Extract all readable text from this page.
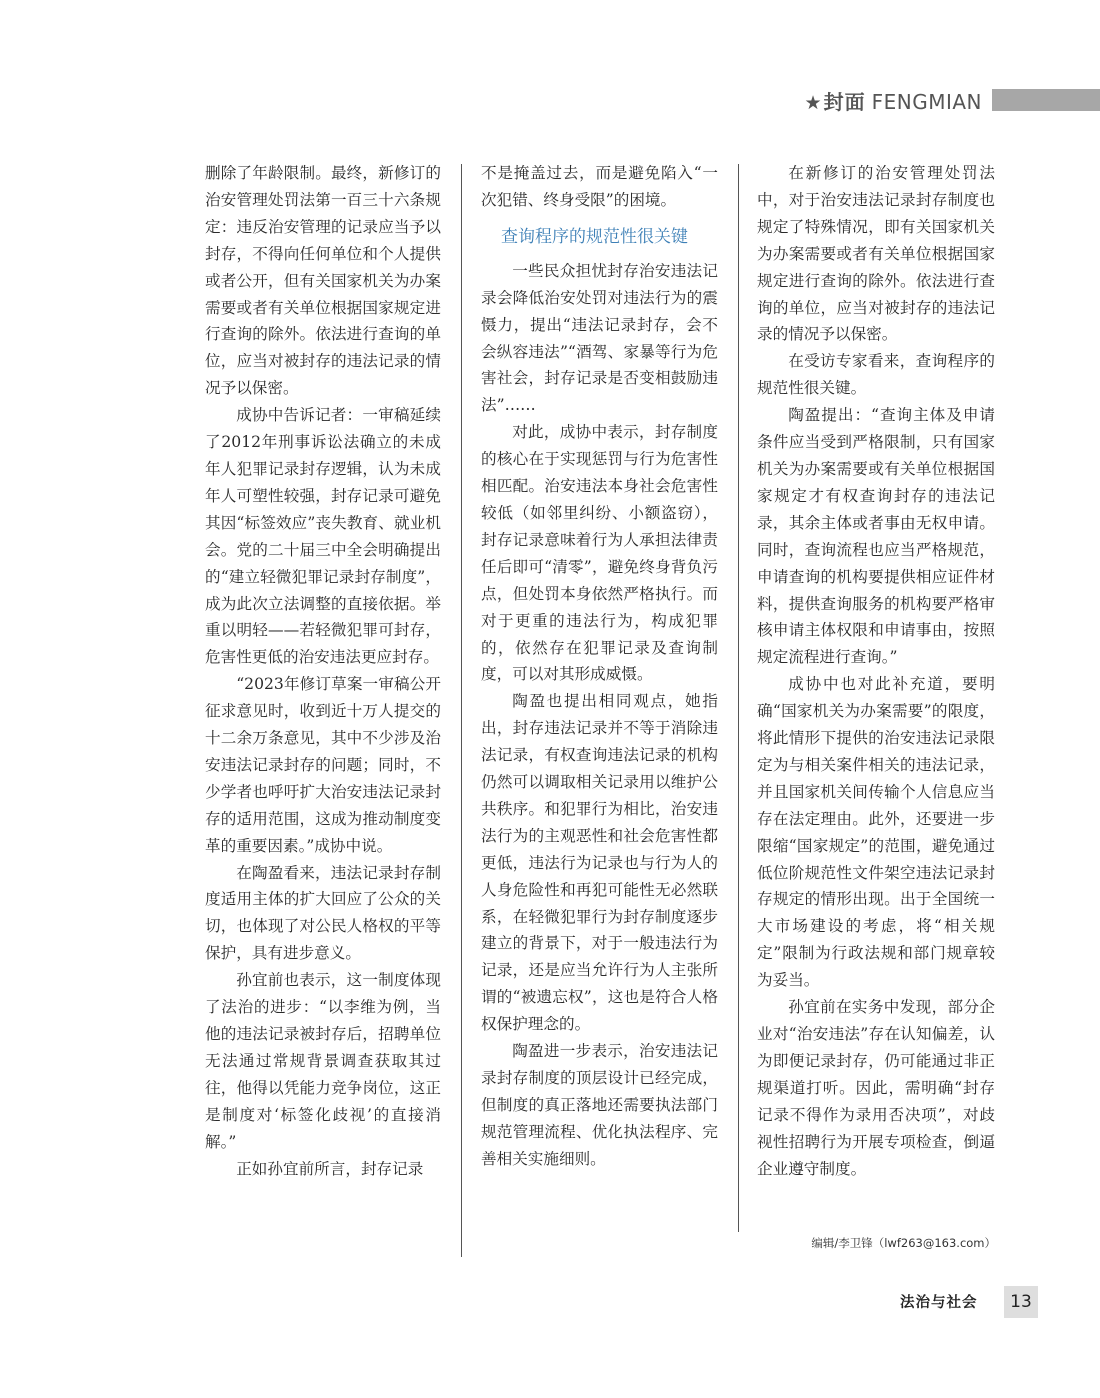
★ 封面 FENGMIAN

删除了年龄限制。最终，新修订的治安管理处罚法第一百三十六条规定：违反治安管理的记录应当予以封存，不得向任何单位和个人提供或者公开，但有关国家机关为办案需要或者有关单位根据国家规定进行查询的除外。依法进行查询的单位，应当对被封存的违法记录的情况予以保密。

成协中告诉记者：一审稿延续了2012年刑事诉讼法确立的未成年人犯罪记录封存逻辑，认为未成年人可塑性较强，封存记录可避免其因“标签效应”丧失教育、就业机会。党的二十届三中全会明确提出的“建立轻微犯罪记录封存制度”，成为此次立法调整的直接依据。举重以明轻——若轻微犯罪可封存，危害性更低的治安违法更应封存。

“2023年修订草案一审稿公开征求意见时，收到近十万人提交的十二余万条意见，其中不少涉及治安违法记录封存的问题；同时，不少学者也呼吁扩大治安违法记录封存的适用范围，这成为推动制度变革的重要因素。”成协中说。

在陶盈看来，违法记录封存制度适用主体的扩大回应了公众的关切，也体现了对公民人格权的平等保护，具有进步意义。

孙宜前也表示，这一制度体现了法治的进步：“以李维为例，当他的违法记录被封存后，招聘单位无法通过常规背景调查获取其过往，他得以凭能力竞争岗位，这正是制度对‘标签化歧视’的直接消解。”

正如孙宜前所言，封存记录

不是掩盖过去，而是避免陷入“一次犯错、终身受限”的困境。

查询程序的规范性很关键

一些民众担忧封存治安违法记录会降低治安处罚对违法行为的震慑力，提出“违法记录封存，会不会纵容违法”“酒驾、家暴等行为危害社会，封存记录是否变相鼓励违法”……

对此，成协中表示，封存制度的核心在于实现惩罚与行为危害性相匹配。治安违法本身社会危害性较低（如邻里纠纷、小额盗窃），封存记录意味着行为人承担法律责任后即可“清零”，避免终身背负污点，但处罚本身依然严格执行。而对于更重的违法行为，构成犯罪的，依然存在犯罪记录及查询制度，可以对其形成威慑。

陶盈也提出相同观点，她指出，封存违法记录并不等于消除违法记录，有权查询违法记录的机构仍然可以调取相关记录用以维护公共秩序。和犯罪行为相比，治安违法行为的主观恶性和社会危害性都更低，违法行为记录也与行为人的人身危险性和再犯可能性无必然联系，在轻微犯罪行为封存制度逐步建立的背景下，对于一般违法行为记录，还是应当允许行为人主张所谓的“被遗忘权”，这也是符合人格权保护理念的。

陶盈进一步表示，治安违法记录封存制度的顶层设计已经完成，但制度的真正落地还需要执法部门规范管理流程、优化执法程序、完善相关实施细则。

在新修订的治安管理处罚法中，对于治安违法记录封存制度也规定了特殊情况，即有关国家机关为办案需要或者有关单位根据国家规定进行查询的除外。依法进行查询的单位，应当对被封存的违法记录的情况予以保密。

在受访专家看来，查询程序的规范性很关键。

陶盈提出：“查询主体及申请条件应当受到严格限制，只有国家机关为办案需要或有关单位根据国家规定才有权查询封存的违法记录，其余主体或者事由无权申请。同时，查询流程也应当严格规范，申请查询的机构要提供相应证件材料，提供查询服务的机构要严格审核申请主体权限和申请事由，按照规定流程进行查询。”

成协中也对此补充道，要明确“国家机关为办案需要”的限度，将此情形下提供的治安违法记录限定为与相关案件相关的违法记录，并且国家机关间传输个人信息应当存在法定理由。此外，还要进一步限缩“国家规定”的范围，避免通过低位阶规范性文件架空违法记录封存规定的情形出现。出于全国统一大市场建设的考虑，将“相关规定”限制为行政法规和部门规章较为妥当。

孙宜前在实务中发现，部分企业对“治安违法”存在认知偏差，认为即便记录封存，仍可能通过非正规渠道打听。因此，需明确“封存记录不得作为录用否决项”，对歧视性招聘行为开展专项检查，倒逼企业遵守制度。

编辑/李卫锋（lwf263@163.com）
法治与社会	13
